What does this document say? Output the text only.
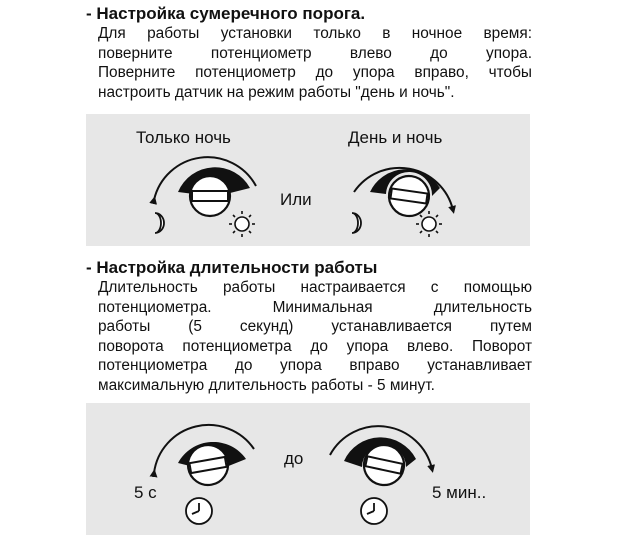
- Настройка сумеречного порога.
Для работы установки только в ночное время:
поверните потенциометр влево до упора.
Поверните потенциометр до упора вправо, чтобы
настроить датчик на режим работы "день и ночь".
Только ночь
Или
День и ночь
- Настройка длительности работы
Длительность работы настраивается с помощью
потенциометра. Минимальная длительность
работы (5 секунд) устанавливается путем
поворота потенциометра до упора влево. Поворот
потенциометра до упора вправо устанавливает
максимальную длительность работы - 5 минут.
5 с
до
5 мин..
